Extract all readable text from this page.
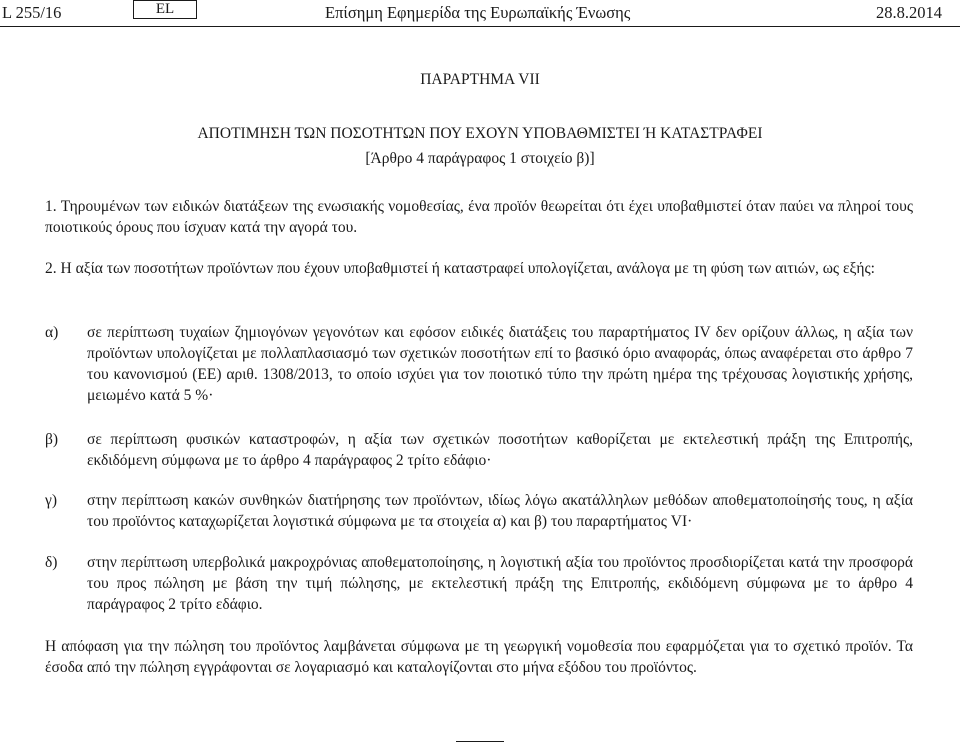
L 255/16	EL	Επίσημη Εφημερίδα της Ευρωπαϊκής Ένωσης	28.8.2014
ΠΑΡΑΡΤΗΜΑ VII
ΑΠΟΤΙΜΗΣΗ ΤΩΝ ΠΟΣΟΤΗΤΩΝ ΠΟΥ ΕΧΟΥΝ ΥΠΟΒΑΘΜΙΣΤΕΙ Ή ΚΑΤΑΣΤΡΑΦΕΙ
[Άρθρο 4 παράγραφος 1 στοιχείο β)]
1. Τηρουμένων των ειδικών διατάξεων της ενωσιακής νομοθεσίας, ένα προϊόν θεωρείται ότι έχει υποβαθμιστεί όταν παύει να πληροί τους ποιοτικούς όρους που ίσχυαν κατά την αγορά του.
2. Η αξία των ποσοτήτων προϊόντων που έχουν υποβαθμιστεί ή καταστραφεί υπολογίζεται, ανάλογα με τη φύση των αιτιών, ως εξής:
α) σε περίπτωση τυχαίων ζημιογόνων γεγονότων και εφόσον ειδικές διατάξεις του παραρτήματος IV δεν ορίζουν άλλως, η αξία των προϊόντων υπολογίζεται με πολλαπλασιασμό των σχετικών ποσοτήτων επί το βασικό όριο αναφοράς, όπως αναφέρεται στο άρθρο 7 του κανονισμού (ΕΕ) αριθ. 1308/2013, το οποίο ισχύει για τον ποιοτικό τύπο την πρώτη ημέρα της τρέχουσας λογιστικής χρήσης, μειωμένο κατά 5 %·
β) σε περίπτωση φυσικών καταστροφών, η αξία των σχετικών ποσοτήτων καθορίζεται με εκτελεστική πράξη της Επιτροπής, εκδιδόμενη σύμφωνα με το άρθρο 4 παράγραφος 2 τρίτο εδάφιο·
γ) στην περίπτωση κακών συνθηκών διατήρησης των προϊόντων, ιδίως λόγω ακατάλληλων μεθόδων αποθεματοποίησής τους, η αξία του προϊόντος καταχωρίζεται λογιστικά σύμφωνα με τα στοιχεία α) και β) του παραρτήματος VI·
δ) στην περίπτωση υπερβολικά μακροχρόνιας αποθεματοποίησης, η λογιστική αξία του προϊόντος προσδιορίζεται κατά την προσφορά του προς πώληση με βάση την τιμή πώλησης, με εκτελεστική πράξη της Επιτροπής, εκδιδόμενη σύμφωνα με το άρθρο 4 παράγραφος 2 τρίτο εδάφιο.
Η απόφαση για την πώληση του προϊόντος λαμβάνεται σύμφωνα με τη γεωργική νομοθεσία που εφαρμόζεται για το σχετικό προϊόν. Τα έσοδα από την πώληση εγγράφονται σε λογαριασμό και καταλογίζονται στο μήνα εξόδου του προϊόντος.
